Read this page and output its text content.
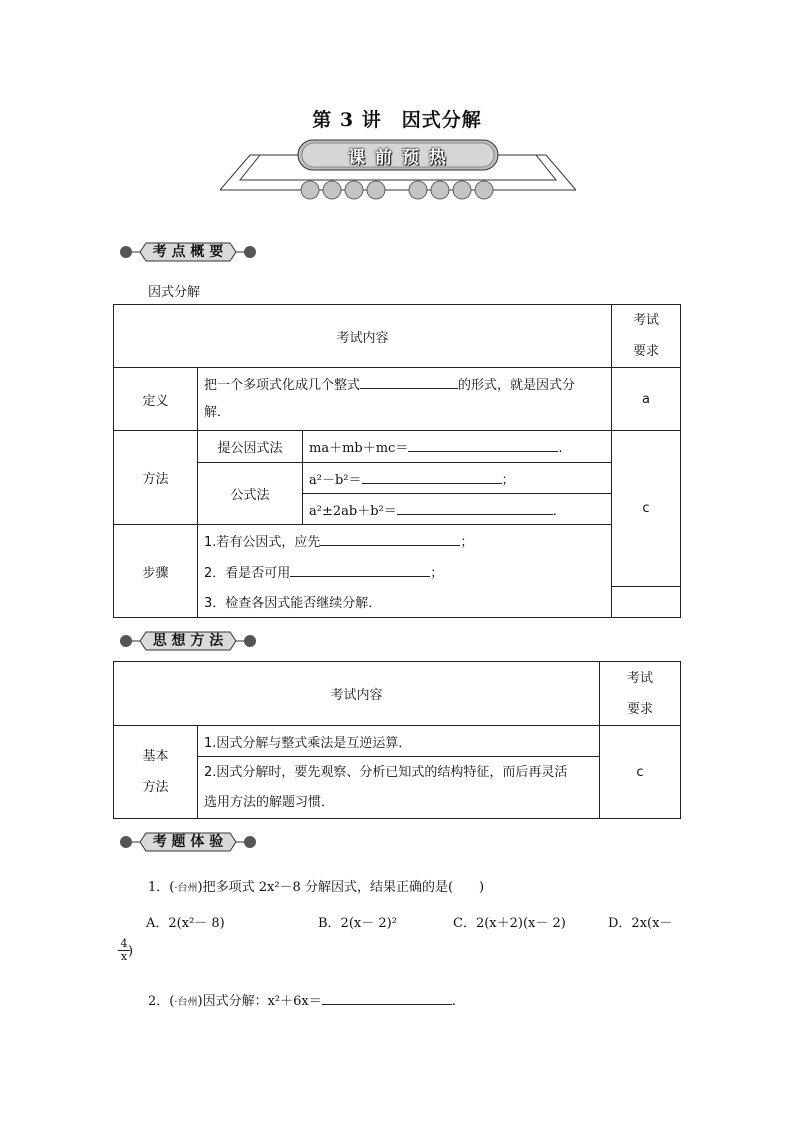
第 3 讲　因式分解
课 前 预 热
考 点 概 要
因式分解
考试内容			考试
要求
定义	把一个多项式化成几个整式 的形式，就是因式分
解．		a
方法	提公因式法	ma＋mb＋mc＝ .	c
	公式法	a²－b²＝ ；	
		a²±2ab＋b²＝ .	
步骤	1.若有公因式，应先 ；		
	2．看是否可用 ；		
	3．检查各因式能否继续分解．		
思 想 方 法
考试内容		考试
要求
基本
方法	1.因式分解与整式乘法是互逆运算．	c
	2.因式分解时，要先观察、分析已知式的结构特征，而后再灵活
选用方法的解题习惯．	
考 题 体 验
1．(·台州)把多项式 2x²－8 分解因式，结果正确的是(　　)
A．2(x²－ 8)	B．2(x－ 2)²	C．2(x＋2)(x－ 2)	D．2x(x－
4
x )
2．(·台州)因式分解：x²＋6x＝	.
